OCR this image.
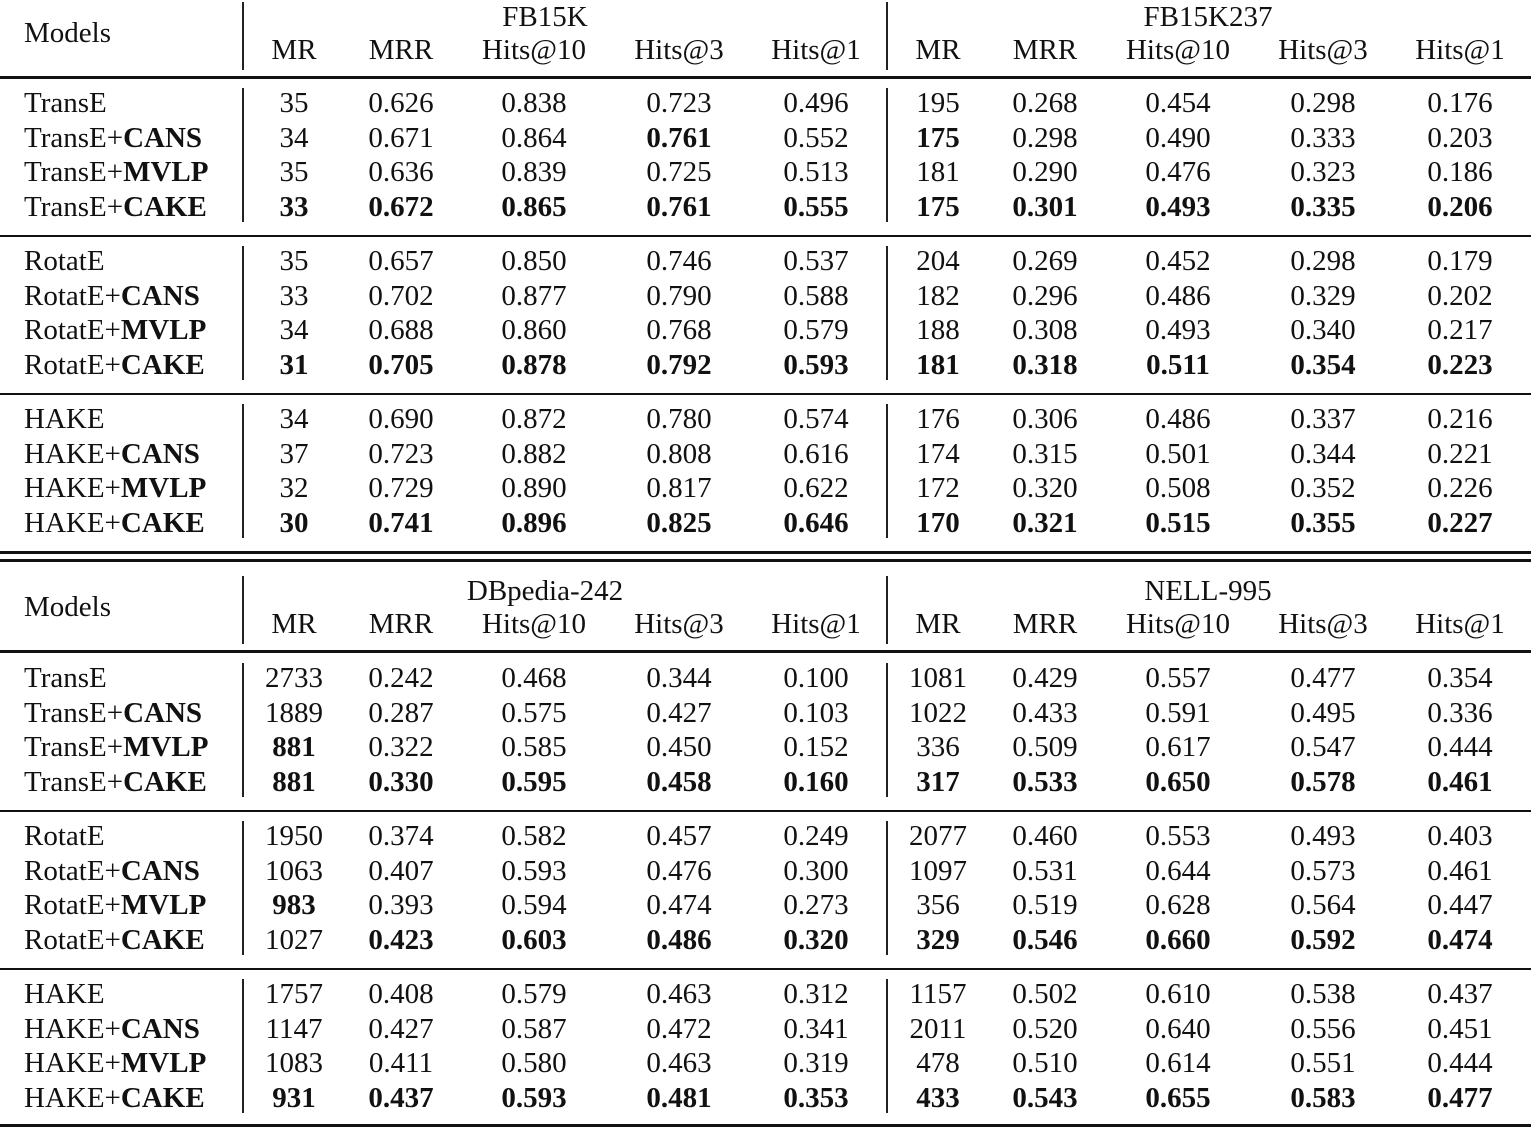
Models	FB15K	FB15K237
MR MRR Hits@10 Hits@3 Hits@1 MR MRR Hits@10 Hits@3 Hits@1
TransE	35 0.626 0.838	0.723 0.496 195 0.268 0.454	0.298 0.176
TransE+CANS	34 0.671 0.864	0.761 0.552 175 0.298 0.490	0.333 0.203
TransE+MVLP 35 0.636 0.839	0.725 0.513 181 0.290 0.476	0.323 0.186
TransE+CAKE	33 0.672 0.865	0.761 0.555 175 0.301 0.493	0.335 0.206
RotatE	35 0.657 0.850	0.746 0.537 204 0.269 0.452	0.298 0.179
RotatE+CANS	33 0.702 0.877	0.790 0.588 182 0.296 0.486	0.329 0.202
RotatE+MVLP	34 0.688 0.860	0.768 0.579 188 0.308 0.493	0.340 0.217
RotatE+CAKE	31 0.705 0.878	0.792 0.593 181 0.318 0.511	0.354 0.223
HAKE	34 0.690 0.872	0.780 0.574 176 0.306 0.486	0.337 0.216
HAKE+CANS	37 0.723 0.882	0.808 0.616 174 0.315 0.501	0.344 0.221
HAKE+MVLP	32 0.729 0.890	0.817 0.622 172 0.320 0.508	0.352 0.226
HAKE+CAKE	30 0.741 0.896	0.825 0.646 170 0.321 0.515	0.355 0.227
Models	DBpedia-242	NELL-995
MR MRR Hits@10 Hits@3 Hits@1 MR MRR Hits@10 Hits@3 Hits@1
TransE	2733 0.242 0.468	0.344 0.100 1081 0.429 0.557	0.477 0.354
TransE+CANS 1889 0.287 0.575	0.427 0.103 1022 0.433 0.591	0.495 0.336
TransE+MVLP 881 0.322 0.585	0.450 0.152 336 0.509 0.617	0.547 0.444
TransE+CAKE 881 0.330 0.595	0.458 0.160 317 0.533 0.650	0.578 0.461
RotatE	1950 0.374 0.582	0.457 0.249 2077 0.460 0.553	0.493 0.403
RotatE+CANS 1063 0.407 0.593	0.476 0.300 1097 0.531 0.644	0.573 0.461
RotatE+MVLP 983 0.393 0.594	0.474 0.273 356 0.519 0.628	0.564 0.447
RotatE+CAKE 1027 0.423 0.603	0.486 0.320 329 0.546 0.660	0.592 0.474
HAKE	1757 0.408 0.579	0.463 0.312 1157 0.502 0.610	0.538 0.437
HAKE+CANS 1147 0.427 0.587	0.472 0.341 2011 0.520 0.640	0.556 0.451
HAKE+MVLP 1083 0.411 0.580	0.463 0.319 478 0.510 0.614	0.551 0.444
HAKE+CAKE 931 0.437 0.593	0.481 0.353 433 0.543 0.655	0.583 0.477
